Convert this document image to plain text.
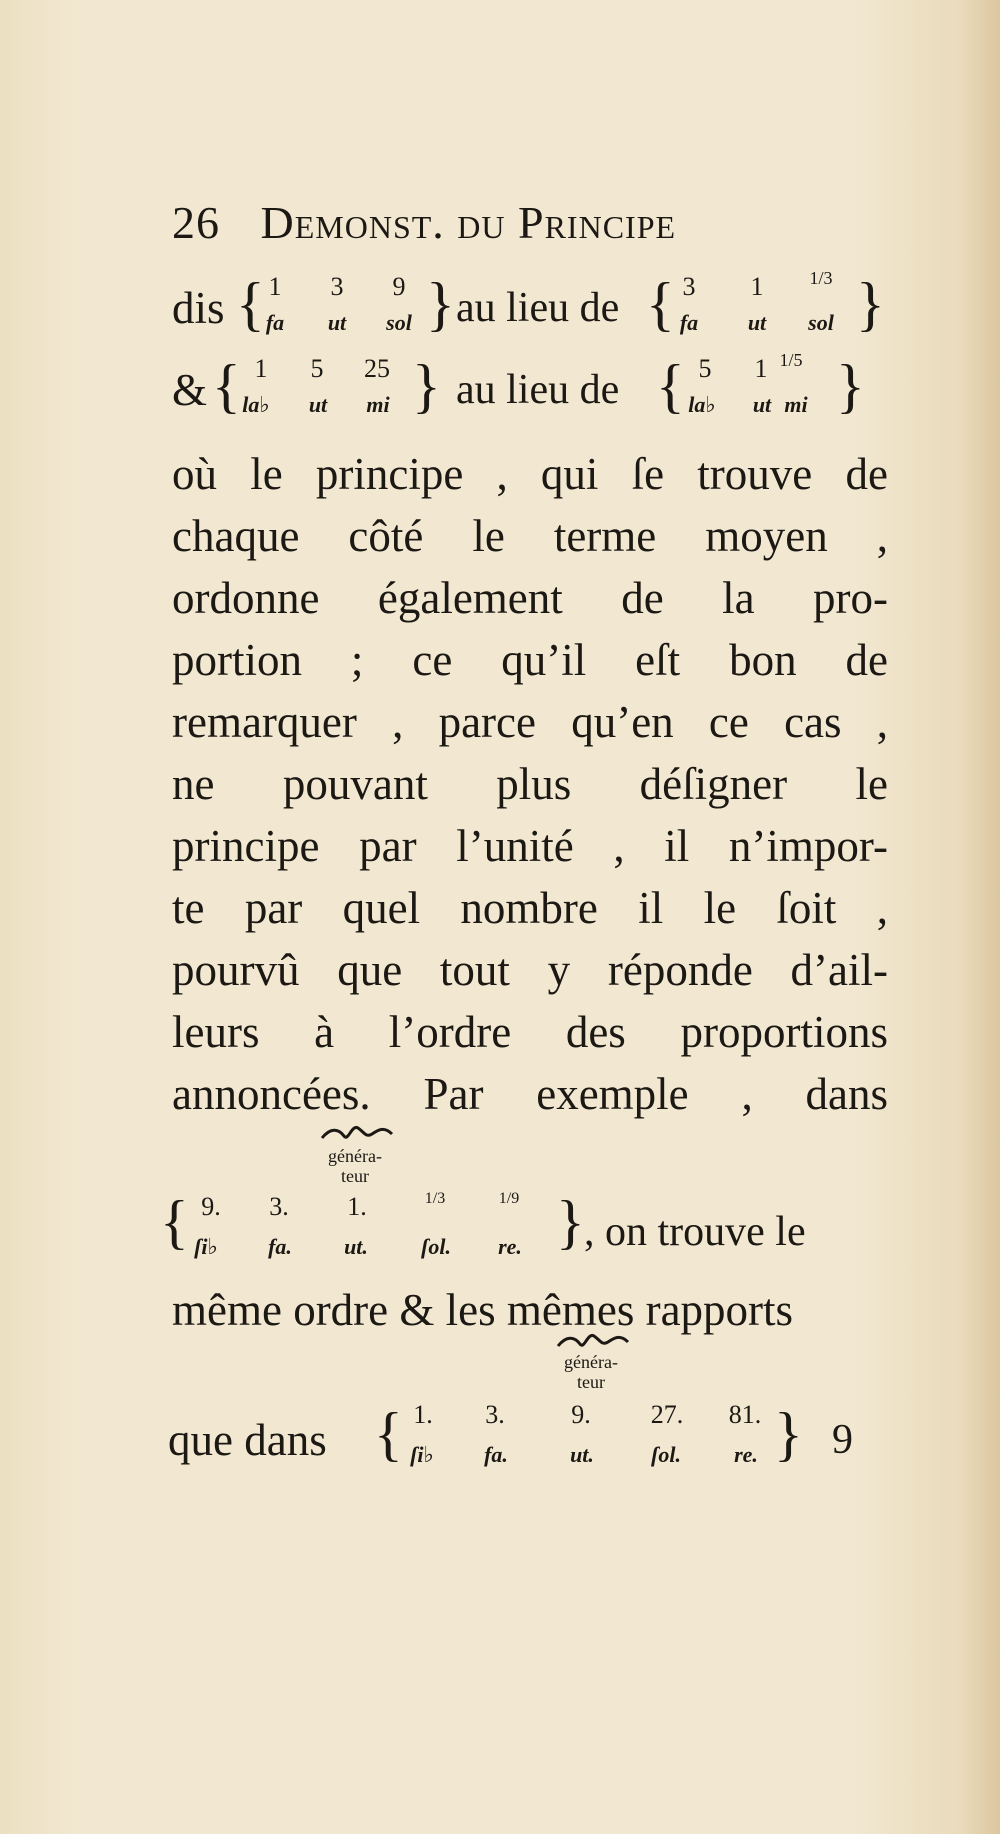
26 Demonst. du Principe
dis { 1	3	9
fa	ut	sol } au lieu de { 3	1	1/3
fa	ut	sol }
& { 1	5	25
la♭	ut	mi } au lieu de { 5	1 1/5
la♭	ut mi }
où le principe , qui ſe trouve de
chaque côté le terme moyen ,
ordonne également de la pro-
portion ; ce qu’il eſt bon de
remarquer , parce qu’en ce cas ,
ne pouvant plus déſigner le
principe par l’unité , il n’impor-
te par quel nombre il le ſoit ,
pourvû que tout y réponde d’ail-
leurs à l’ordre des proportions
annoncées. Par exemple , dans
généra-
teur
{ 9.	3.	1.	1/3	1/9
ſi♭	fa.	ut.	ſol.	re. } , on trouve le
même ordre & les mêmes rapports
généra-
teur
que dans { 1.	3.	9.	27.	81.
ſi♭	fa.	ut.	ſol.	re. } 9
